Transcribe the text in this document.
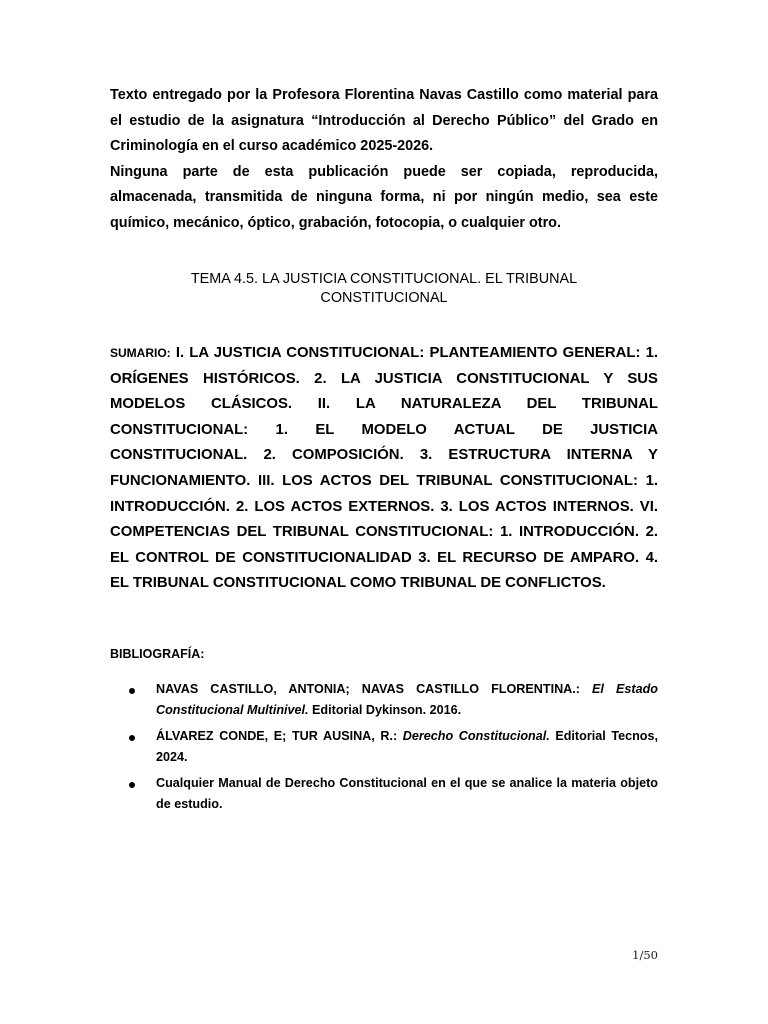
Texto entregado por la Profesora Florentina Navas Castillo como material para el estudio de la asignatura “Introducción al Derecho Público” del Grado en Criminología en el curso académico 2025-2026.

Ninguna parte de esta publicación puede ser copiada, reproducida, almacenada, transmitida de ninguna forma, ni por ningún medio, sea este químico, mecánico, óptico, grabación, fotocopia, o cualquier otro.

TEMA 4.5. LA JUSTICIA CONSTITUCIONAL. EL TRIBUNAL CONSTITUCIONAL
SUMARIO: I. LA JUSTICIA CONSTITUCIONAL: PLANTEAMIENTO GENERAL: 1. ORÍGENES HISTÓRICOS. 2. LA JUSTICIA CONSTITUCIONAL Y SUS MODELOS CLÁSICOS. II. LA NATURALEZA DEL TRIBUNAL CONSTITUCIONAL: 1. EL MODELO ACTUAL DE JUSTICIA CONSTITUCIONAL. 2. COMPOSICIÓN. 3. ESTRUCTURA INTERNA Y FUNCIONAMIENTO. III. LOS ACTOS DEL TRIBUNAL CONSTITUCIONAL: 1. INTRODUCCIÓN. 2. LOS ACTOS EXTERNOS. 3. LOS ACTOS INTERNOS. VI. COMPETENCIAS DEL TRIBUNAL CONSTITUCIONAL: 1. INTRODUCCIÓN. 2. EL CONTROL DE CONSTITUCIONALIDAD 3. EL RECURSO DE AMPARO. 4. EL TRIBUNAL CONSTITUCIONAL COMO TRIBUNAL DE CONFLICTOS.
BIBLIOGRAFÍA:
NAVAS CASTILLO, ANTONIA; NAVAS CASTILLO FLORENTINA.: El Estado Constitucional Multinivel. Editorial Dykinson. 2016.
ÁLVAREZ CONDE, E; TUR AUSINA, R.: Derecho Constitucional. Editorial Tecnos, 2024.
Cualquier Manual de Derecho Constitucional en el que se analice la materia objeto de estudio.
1/50
